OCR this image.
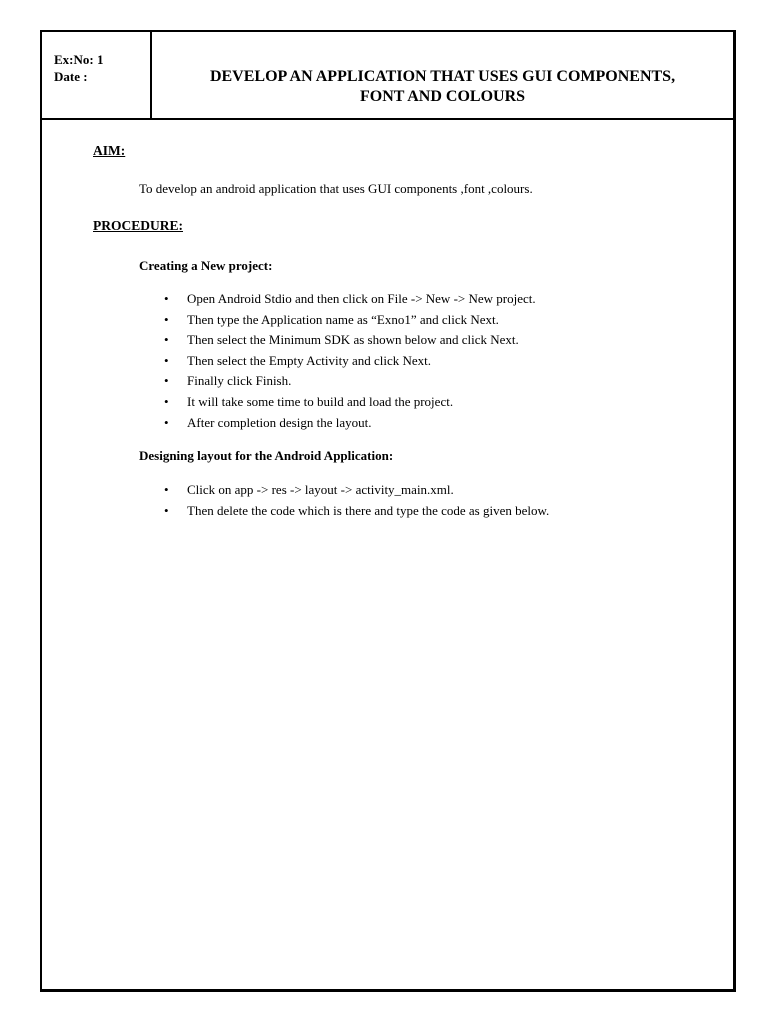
Ex:No: 1
Date :	DEVELOP AN APPLICATION THAT USES GUI COMPONENTS,
FONT AND COLOURS
AIM:
To develop an android application that uses GUI components ,font ,colours.
PROCEDURE:
Creating a New project:
• Open Android Stdio and then click on File -> New -> New project.
• Then type the Application name as “Exno1” and click Next.
• Then select the Minimum SDK as shown below and click Next.
• Then select the Empty Activity and click Next.
• Finally click Finish.
• It will take some time to build and load the project.
• After completion design the layout.
Designing layout for the Android Application:
• Click on app -> res -> layout -> activity_main.xml.
• Then delete the code which is there and type the code as given below.
